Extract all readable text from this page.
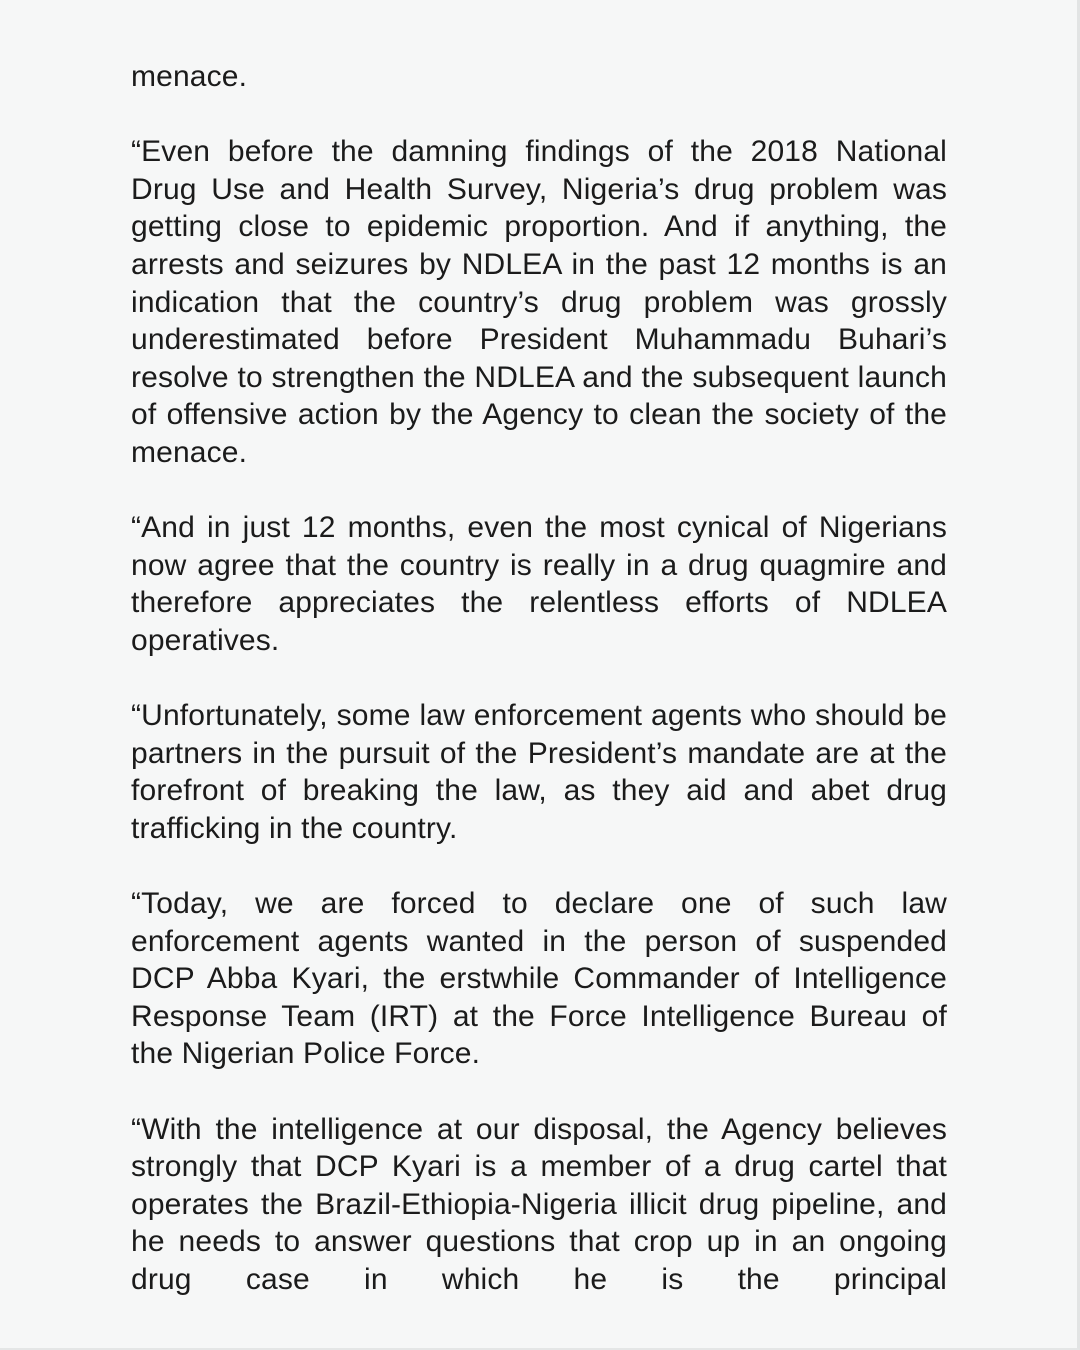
menace.

“Even before the damning findings of the 2018 National Drug Use and Health Survey, Nigeria’s drug problem was getting close to epidemic proportion. And if anything, the arrests and seizures by NDLEA in the past 12 months is an indication that the country’s drug problem was grossly underestimated before President Muhammadu Buhari’s resolve to strengthen the NDLEA and the subsequent launch of offensive action by the Agency to clean the society of the menace.

“And in just 12 months, even the most cynical of Nigerians now agree that the country is really in a drug quagmire and therefore appreciates the relentless efforts of NDLEA operatives.

“Unfortunately, some law enforcement agents who should be partners in the pursuit of the President’s mandate are at the forefront of breaking the law, as they aid and abet drug trafficking in the country.

“Today, we are forced to declare one of such law enforcement agents wanted in the person of suspended DCP Abba Kyari, the erstwhile Commander of Intelligence Response Team (IRT) at the Force Intelligence Bureau of the Nigerian Police Force.

“With the intelligence at our disposal, the Agency believes strongly that DCP Kyari is a member of a drug cartel that operates the Brazil-Ethiopia-Nigeria illicit drug pipeline, and he needs to answer questions that crop up in an ongoing drug case in which he is the principal
